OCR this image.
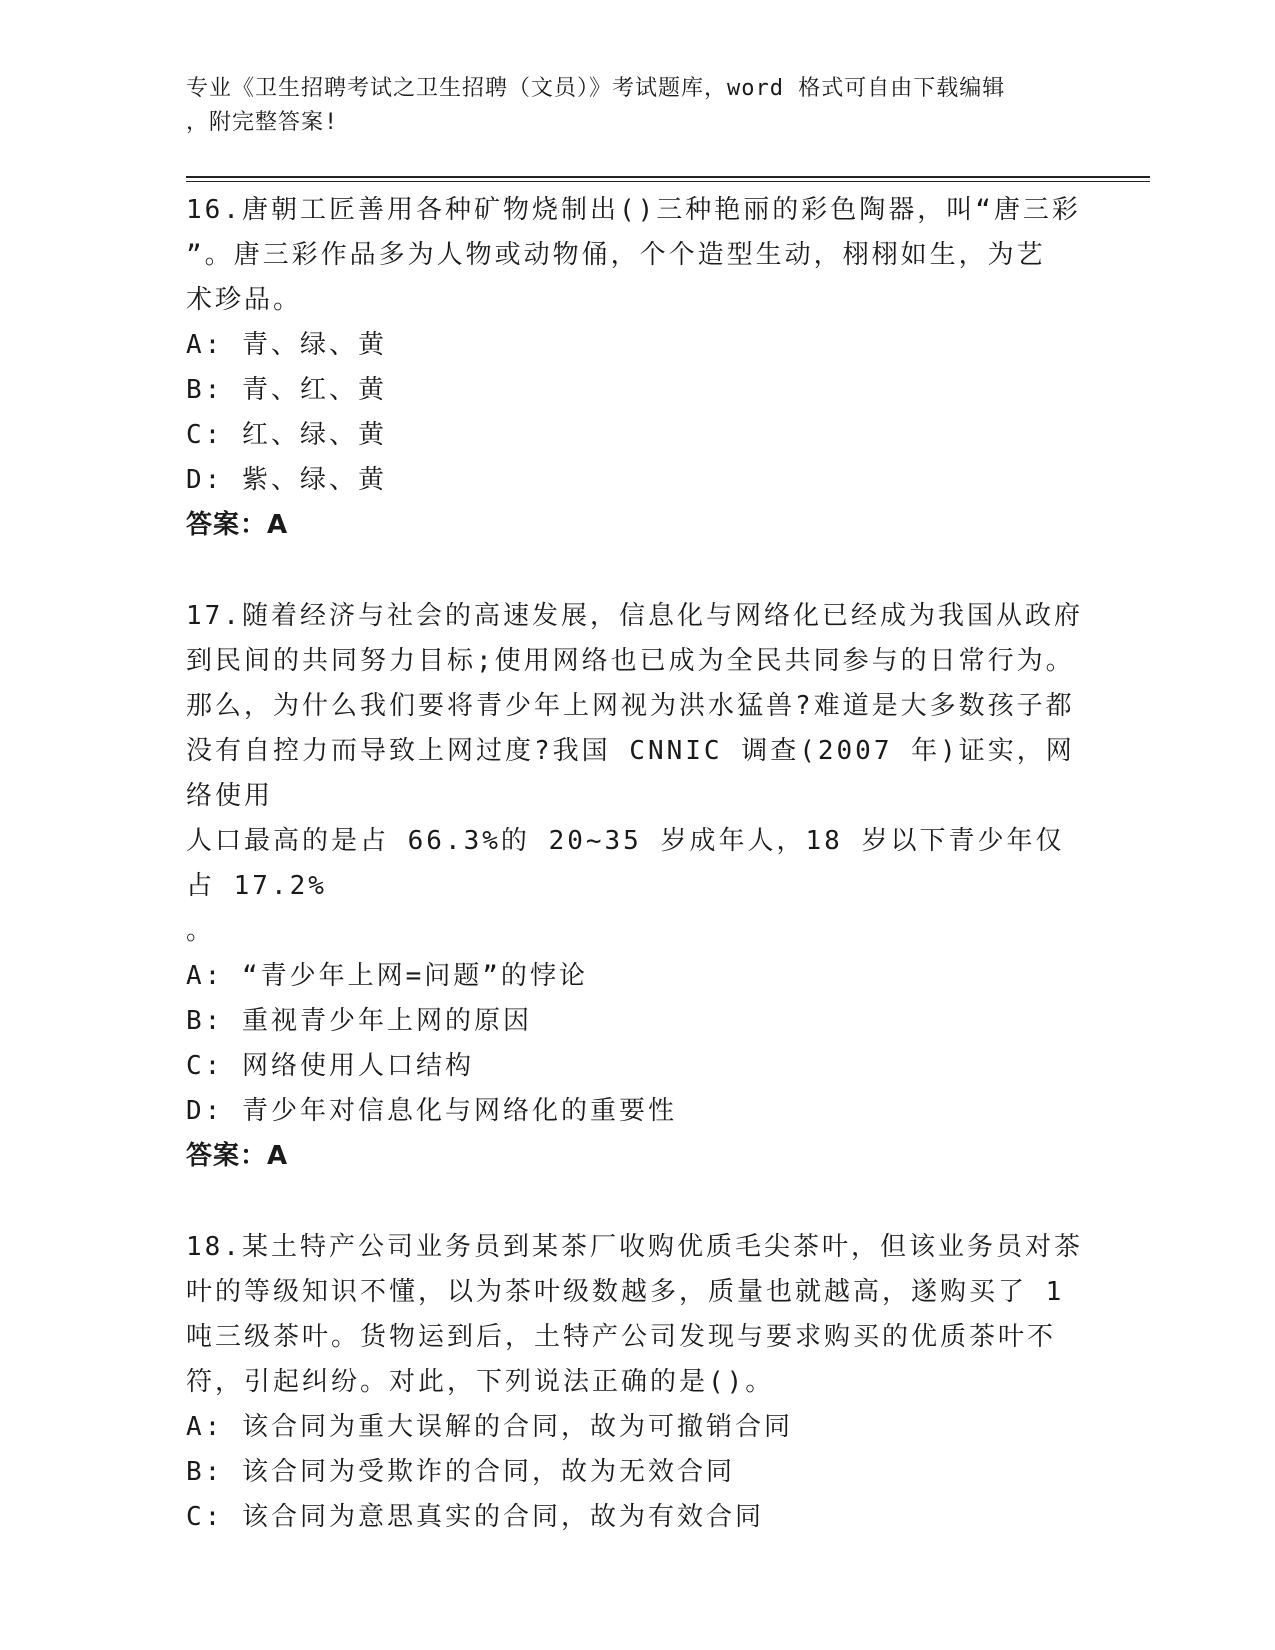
专业《卫生招聘考试之卫生招聘（文员）》考试题库，word 格式可自由下载编辑
，附完整答案!

16.唐朝工匠善用各种矿物烧制出()三种艳丽的彩色陶器，叫“唐三彩

”。唐三彩作品多为人物或动物俑，个个造型生动，栩栩如生，为艺

术珍品。

A: 青、绿、黄

B: 青、红、黄

C: 红、绿、黄

D: 紫、绿、黄

答案：A

17.随着经济与社会的高速发展，信息化与网络化已经成为我国从政府

到民间的共同努力目标;使用网络也已成为全民共同参与的日常行为。

那么，为什么我们要将青少年上网视为洪水猛兽?难道是大多数孩子都

没有自控力而导致上网过度?我国 CNNIC 调查(2007 年)证实，网络使用

人口最高的是占 66.3%的 20~35 岁成年人，18 岁以下青少年仅占 17.2%

。

A: “青少年上网=问题”的悖论

B: 重视青少年上网的原因

C: 网络使用人口结构

D: 青少年对信息化与网络化的重要性

答案：A

18.某土特产公司业务员到某茶厂收购优质毛尖茶叶，但该业务员对茶

叶的等级知识不懂，以为茶叶级数越多，质量也就越高，遂购买了 1

吨三级茶叶。货物运到后，土特产公司发现与要求购买的优质茶叶不

符，引起纠纷。对此，下列说法正确的是()。

A: 该合同为重大误解的合同，故为可撤销合同

B: 该合同为受欺诈的合同，故为无效合同

C: 该合同为意思真实的合同，故为有效合同
